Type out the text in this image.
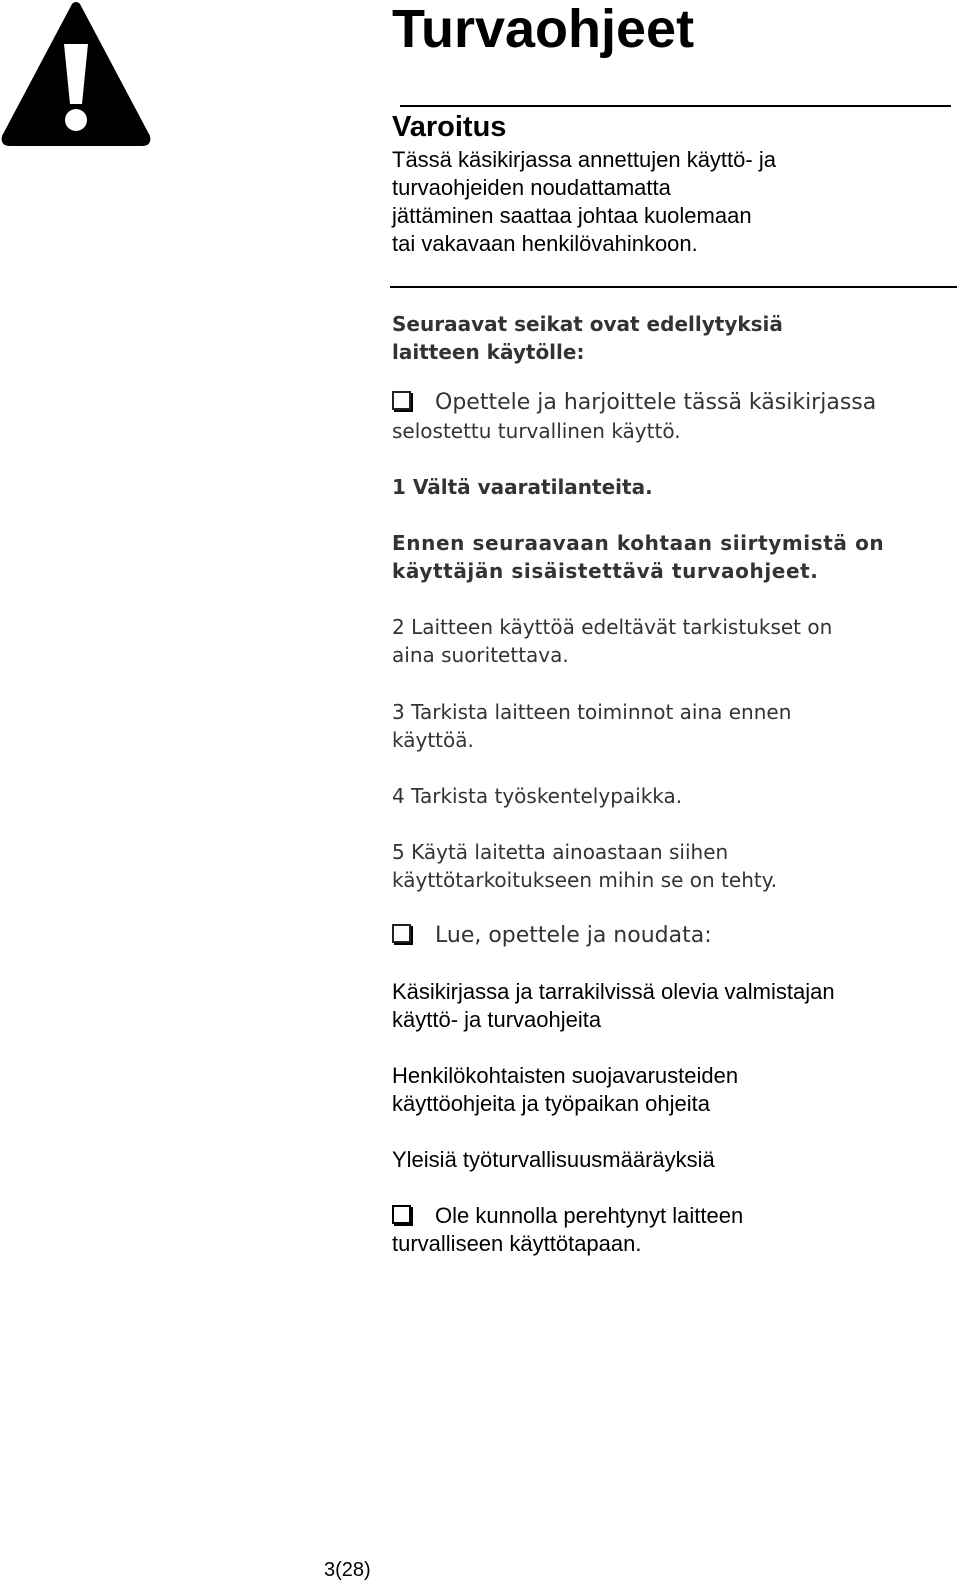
Turvaohjeet
Varoitus
Tässä käsikirjassa annettujen käyttö- ja
turvaohjeiden noudattamatta
jättäminen saattaa johtaa kuolemaan
tai vakavaan henkilövahinkoon.
Seuraavat seikat ovat edellytyksiä
laitteen käytölle:
Opettele ja harjoittele tässä käsikirjassa
selostettu turvallinen käyttö.
1 Vältä vaaratilanteita.
Ennen seuraavaan kohtaan siirtymistä on
käyttäjän sisäistettävä turvaohjeet.
2 Laitteen käyttöä edeltävät tarkistukset on
aina suoritettava.
3 Tarkista laitteen toiminnot aina ennen
käyttöä.
4 Tarkista työskentelypaikka.
5 Käytä laitetta ainoastaan siihen
käyttötarkoitukseen mihin se on tehty.
Lue, opettele ja noudata:
Käsikirjassa ja tarrakilvissä olevia valmistajan
käyttö- ja turvaohjeita
Henkilökohtaisten suojavarusteiden
käyttöohjeita ja työpaikan ohjeita
Yleisiä työturvallisuusmääräyksiä
Ole kunnolla perehtynyt laitteen
turvalliseen käyttötapaan.
3(28)
